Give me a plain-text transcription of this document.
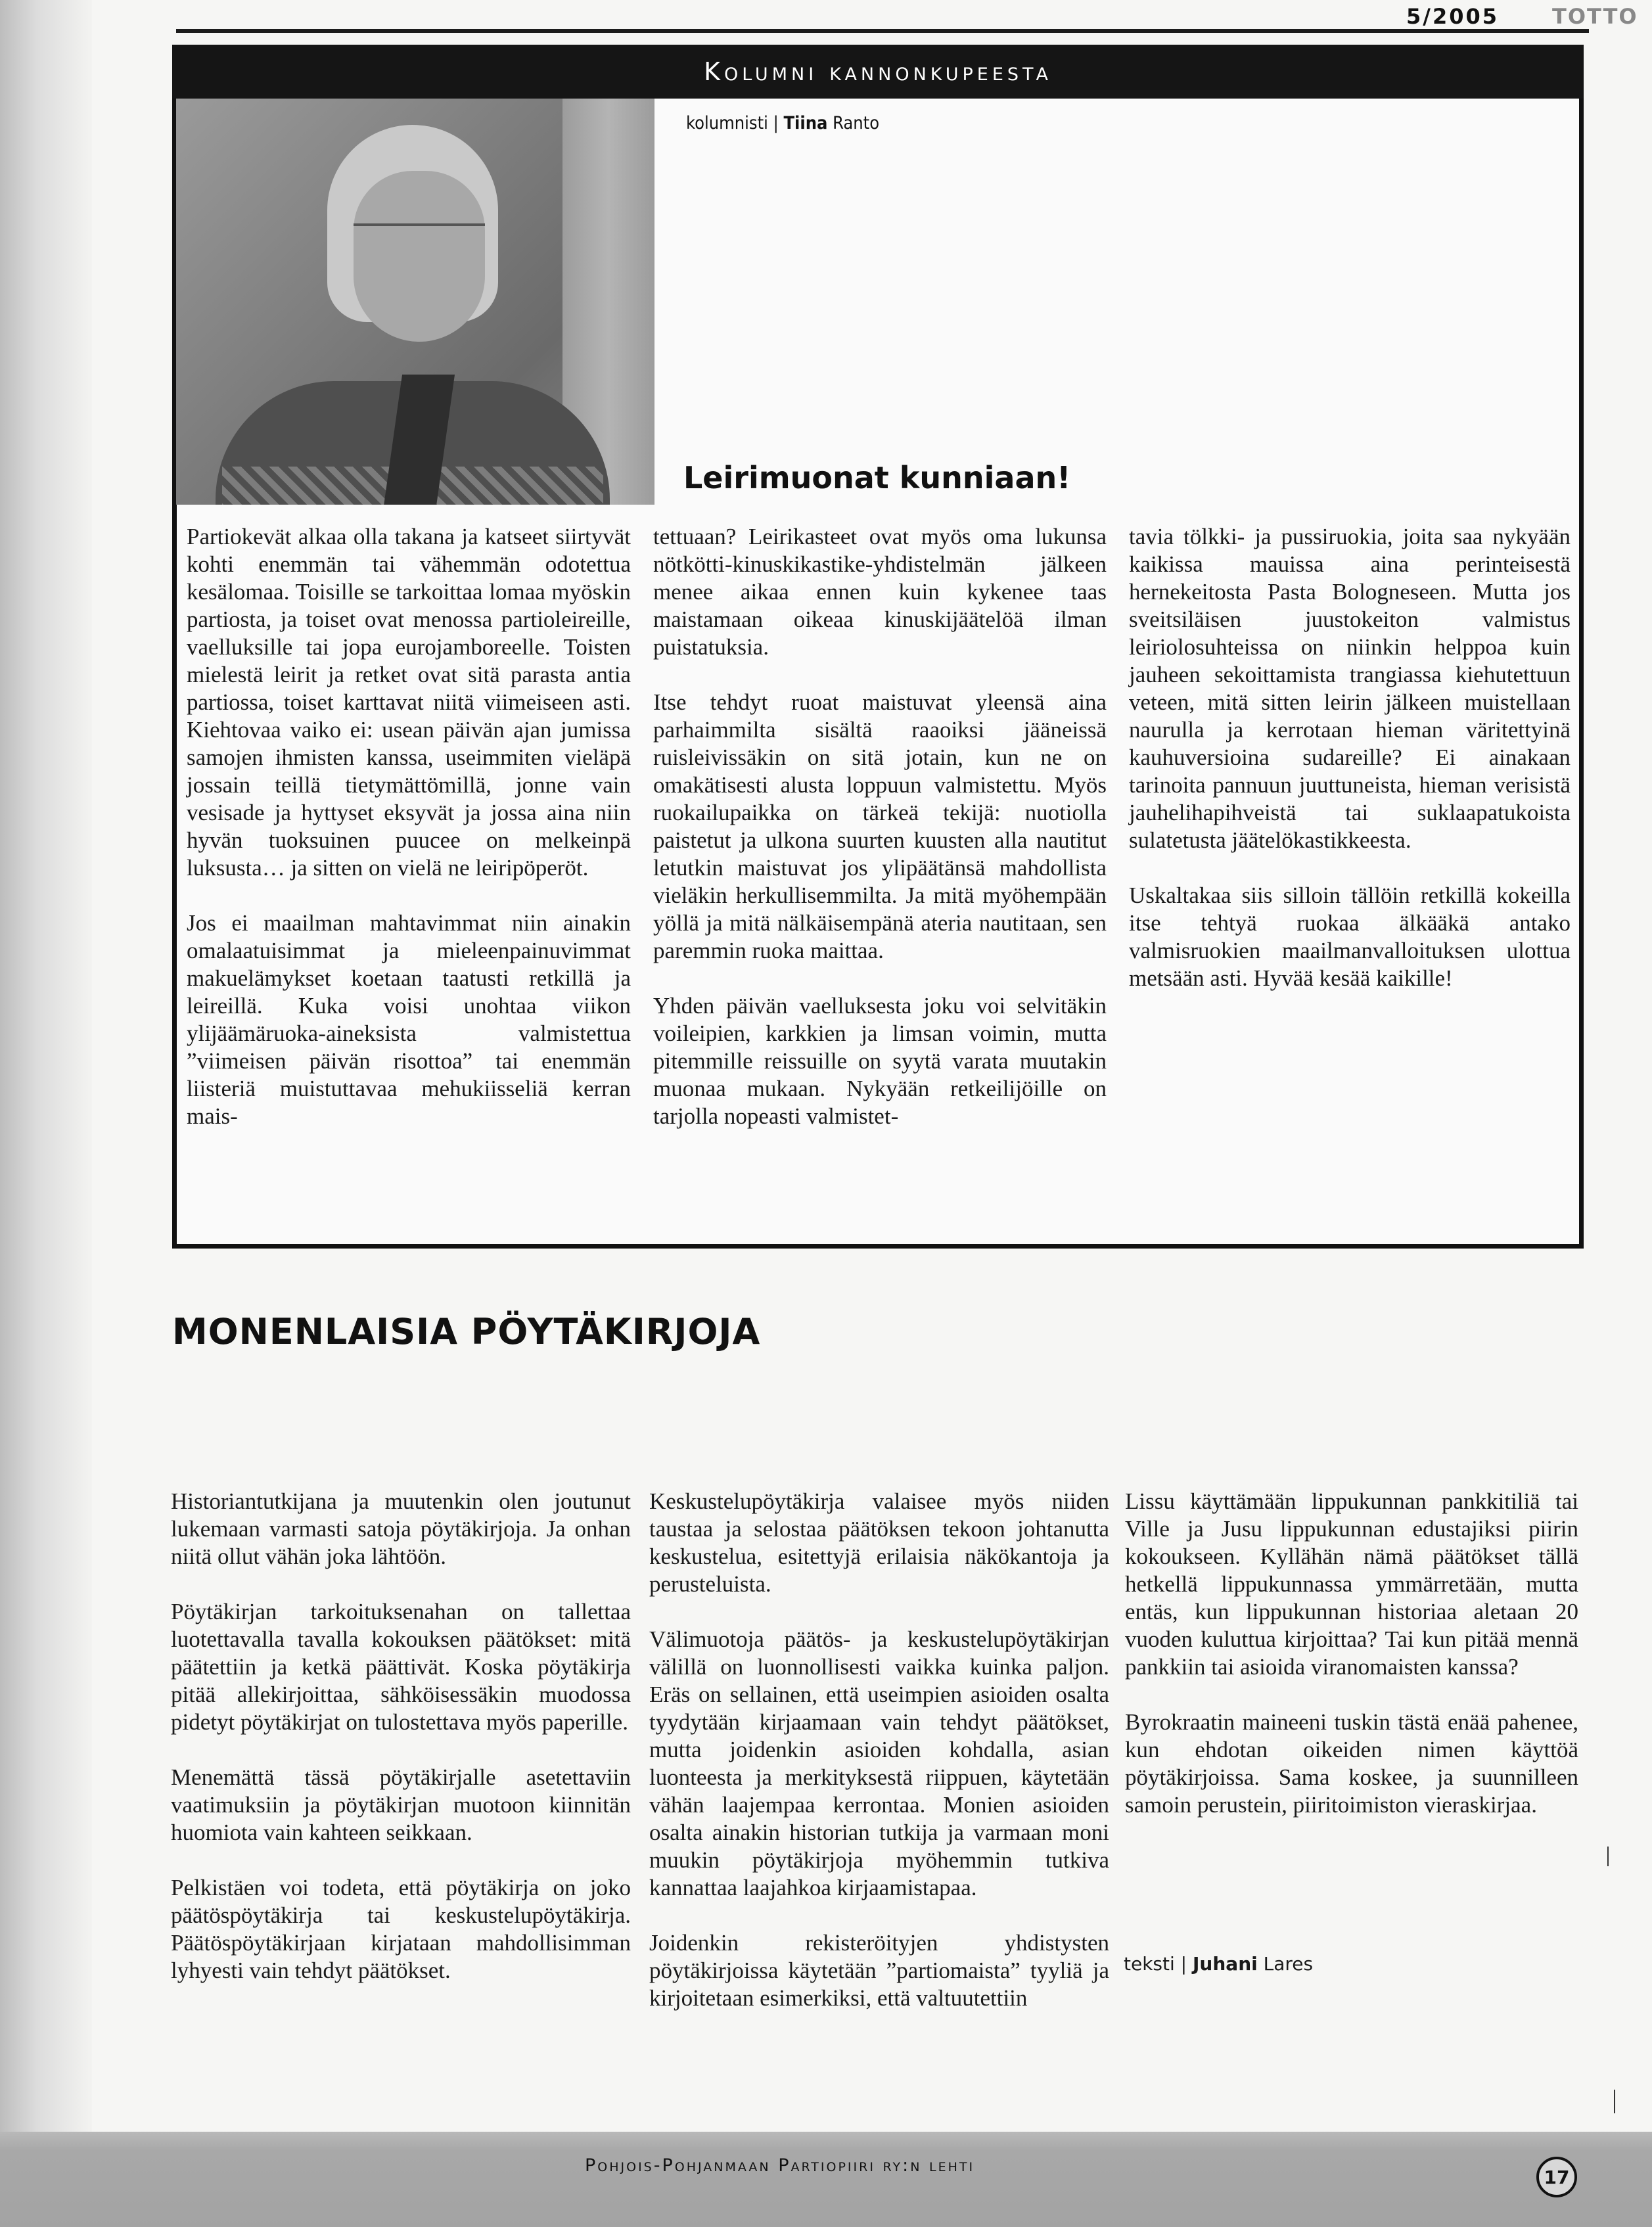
5/2005	TOTTO
Kolumni kannonkupeesta
kolumnisti | Tiina Ranto
Leirimuonat kunniaan!

Partiokevät alkaa olla takana ja katseet siirtyvät kohti enemmän tai vähemmän odotettua kesälomaa. Toisille se tarkoittaa lomaa myöskin partiosta, ja toiset ovat menossa partioleireille, vaelluksille tai jopa eurojamboreelle. Toisten mielestä leirit ja retket ovat sitä parasta antia partiossa, toiset karttavat niitä viimeiseen asti. Kiehtovaa vaiko ei: usean päivän ajan jumissa samojen ihmisten kanssa, useimmiten vieläpä jossain teillä tietymättömillä, jonne vain vesisade ja hyttyset eksyvät ja jossa aina niin hyvän tuoksuinen puucee on melkeinpä luksusta… ja sitten on vielä ne leiripöperöt.

Jos ei maailman mahtavimmat niin ainakin omalaatuisimmat ja mieleenpainuvimmat makuelämykset koetaan taatusti retkillä ja leireillä. Kuka voisi unohtaa viikon ylijäämäruoka-aineksista valmistettua ”viimeisen päivän risottoa” tai enemmän liisteriä muistuttavaa mehukiisseliä kerran mais-

tettuaan? Leirikasteet ovat myös oma lukunsa nötkötti-kinuskikastike-yhdistelmän jälkeen menee aikaa ennen kuin kykenee taas maistamaan oikeaa kinuskijäätelöä ilman puistatuksia.

Itse tehdyt ruoat maistuvat yleensä aina parhaimmilta sisältä raaoiksi jääneissä ruisleivissäkin on sitä jotain, kun ne on omakätisesti alusta loppuun valmistettu. Myös ruokailupaikka on tärkeä tekijä: nuotiolla paistetut ja ulkona suurten kuusten alla nautitut letutkin maistuvat jos ylipäätänsä mahdollista vieläkin herkullisemmilta. Ja mitä myöhempään yöllä ja mitä nälkäisempänä ateria nautitaan, sen paremmin ruoka maittaa.

Yhden päivän vaelluksesta joku voi selvitäkin voileipien, karkkien ja limsan voimin, mutta pitemmille reissuille on syytä varata muutakin muonaa mukaan. Nykyään retkeilijöille on tarjolla nopeasti valmistet-

tavia tölkki- ja pussiruokia, joita saa nykyään kaikissa mauissa aina perinteisestä hernekeitosta Pasta Bologneseen. Mutta jos sveitsiläisen juustokeiton valmistus leiriolosuhteissa on niinkin helppoa kuin jauheen sekoittamista trangiassa kiehutettuun veteen, mitä sitten leirin jälkeen muistellaan naurulla ja kerrotaan hieman väritettyinä kauhuversioina sudareille? Ei ainakaan tarinoita pannuun juuttuneista, hieman verisistä jauhelihapihveistä tai suklaapatukoista sulatetusta jäätelökastikkeesta.

Uskaltakaa siis silloin tällöin retkillä kokeilla itse tehtyä ruokaa älkääkä antako valmisruokien maailmanvalloituksen ulottua metsään asti. Hyvää kesää kaikille!

MONENLAISIA PÖYTÄKIRJOJA

Historiantutkijana ja muutenkin olen joutunut lukemaan varmasti satoja pöytäkirjoja. Ja onhan niitä ollut vähän joka lähtöön.

Pöytäkirjan tarkoituksenahan on tallettaa luotettavalla tavalla kokouksen päätökset: mitä päätettiin ja ketkä päättivät. Koska pöytäkirja pitää allekirjoittaa, sähköisessäkin muodossa pidetyt pöytäkirjat on tulostettava myös paperille.

Menemättä tässä pöytäkirjalle asetettaviin vaatimuksiin ja pöytäkirjan muotoon kiinnitän huomiota vain kahteen seikkaan.

Pelkistäen voi todeta, että pöytäkirja on joko päätöspöytäkirja tai keskustelupöytäkirja. Päätöspöytäkirjaan kirjataan mahdollisimman lyhyesti vain tehdyt päätökset.

Keskustelupöytäkirja valaisee myös niiden taustaa ja selostaa päätöksen tekoon johtanutta keskustelua, esitettyjä erilaisia näkökantoja ja perusteluista.

Välimuotoja päätös- ja keskustelupöytäkirjan välillä on luonnollisesti vaikka kuinka paljon. Eräs on sellainen, että useimpien asioiden osalta tyydytään kirjaamaan vain tehdyt päätökset, mutta joidenkin asioiden kohdalla, asian luonteesta ja merkityksestä riippuen, käytetään vähän laajempaa kerrontaa. Monien asioiden osalta ainakin historian tutkija ja varmaan moni muukin pöytäkirjoja myöhemmin tutkiva kannattaa laajahkoa kirjaamistapaa.

Joidenkin rekisteröityjen yhdistysten pöytäkirjoissa käytetään ”partiomaista” tyyliä ja kirjoitetaan esimerkiksi, että valtuutettiin

Lissu käyttämään lippukunnan pankkitiliä tai Ville ja Jusu lippukunnan edustajiksi piirin kokoukseen. Kyllähän nämä päätökset tällä hetkellä lippukunnassa ymmärretään, mutta entäs, kun lippukunnan historiaa aletaan 20 vuoden kuluttua kirjoittaa? Tai kun pitää mennä pankkiin tai asioida viranomaisten kanssa?

Byrokraatin maineeni tuskin tästä enää pahenee, kun ehdotan oikeiden nimen käyttöä pöytäkirjoissa. Sama koskee, ja suunnilleen samoin perustein, piiritoimiston vieraskirjaa.

teksti | Juhani Lares
Pohjois-Pohjanmaan Partiopiiri ry:n lehti
17
